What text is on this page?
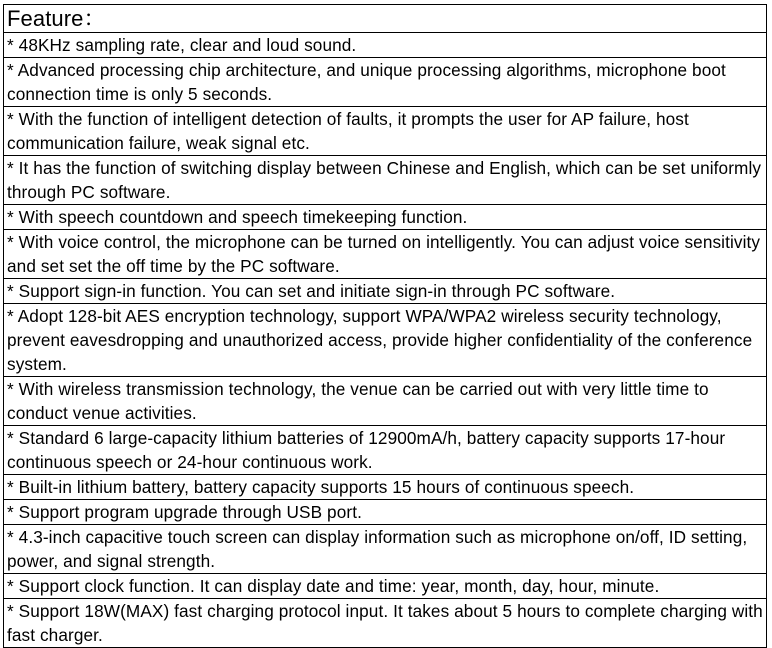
Feature：
* 48KHz sampling rate, clear and loud sound.
* Advanced processing chip architecture, and unique processing algorithms, microphone boot connection time is only 5 seconds.
* With the function of intelligent detection of faults, it prompts the user for AP failure, host communication failure, weak signal etc.
* It has the function of switching display between Chinese and English, which can be set uniformly through PC software.
* With speech countdown and speech timekeeping function.
* With voice control, the microphone can be turned on intelligently. You can adjust voice sensitivity and set set the off time by the PC software.
* Support sign-in function. You can set and initiate sign-in through PC software.
* Adopt 128-bit AES encryption technology, support WPA/WPA2 wireless security technology, prevent eavesdropping and unauthorized access, provide higher confidentiality of the conference system.
* With wireless transmission technology, the venue can be carried out with very little time to conduct venue activities.
* Standard 6 large-capacity lithium batteries of 12900mA/h, battery capacity supports 17-hour continuous speech or 24-hour continuous work.
* Built-in lithium battery, battery capacity supports 15 hours of continuous speech.
* Support program upgrade through USB port.
* 4.3-inch capacitive touch screen can display information such as microphone on/off, ID setting, power, and signal strength.
* Support clock function. It can display date and time: year, month, day, hour, minute.
* Support 18W(MAX) fast charging protocol input. It takes about 5 hours to complete charging with fast charger.
